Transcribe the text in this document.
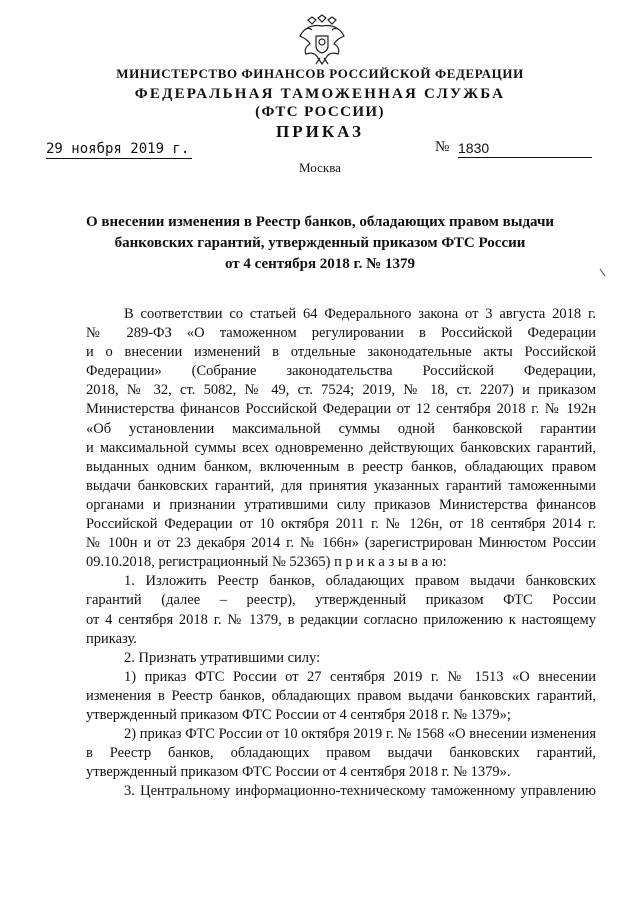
МИНИСТЕРСТВО ФИНАНСОВ РОССИЙСКОЙ ФЕДЕРАЦИИ
ФЕДЕРАЛЬНАЯ ТАМОЖЕННАЯ СЛУЖБА
(ФТС РОССИИ)
ПРИКАЗ
29 ноября 2019 г.	№ 1830
Москва
О внесении изменения в Реестр банков, обладающих правом выдачи
банковских гарантий, утвержденный приказом ФТС России
от 4 сентября 2018 г. № 1379
В соответствии со статьей 64 Федерального закона от 3 августа 2018 г.
№ 289-ФЗ «О таможенном регулировании в Российской Федерации
и о внесении изменений в отдельные законодательные акты Российской
Федерации» (Собрание законодательства Российской Федерации,
2018, № 32, ст. 5082, № 49, ст. 7524; 2019, № 18, ст. 2207) и приказом
Министерства финансов Российской Федерации от 12 сентября 2018 г. № 192н
«Об установлении максимальной суммы одной банковской гарантии
и максимальной суммы всех одновременно действующих банковских гарантий,
выданных одним банком, включенным в реестр банков, обладающих правом
выдачи банковских гарантий, для принятия указанных гарантий таможенными
органами и признании утратившими силу приказов Министерства финансов
Российской Федерации от 10 октября 2011 г. № 126н, от 18 сентября 2014 г.
№ 100н и от 23 декабря 2014 г. № 166н» (зарегистрирован Минюстом России
09.10.2018, регистрационный № 52365) п р и к а з ы в а ю:
1. Изложить Реестр банков, обладающих правом выдачи банковских
гарантий (далее – реестр), утвержденный приказом ФТС России
от 4 сентября 2018 г. № 1379, в редакции согласно приложению к настоящему
приказу.
2. Признать утратившими силу:
1) приказ ФТС России от 27 сентября 2019 г. № 1513 «О внесении
изменения в Реестр банков, обладающих правом выдачи банковских гарантий,
утвержденный приказом ФТС России от 4 сентября 2018 г. № 1379»;
2) приказ ФТС России от 10 октября 2019 г. № 1568 «О внесении изменения
в Реестр банков, обладающих правом выдачи банковских гарантий,
утвержденный приказом ФТС России от 4 сентября 2018 г. № 1379».
3. Центральному информационно-техническому таможенному управлению
